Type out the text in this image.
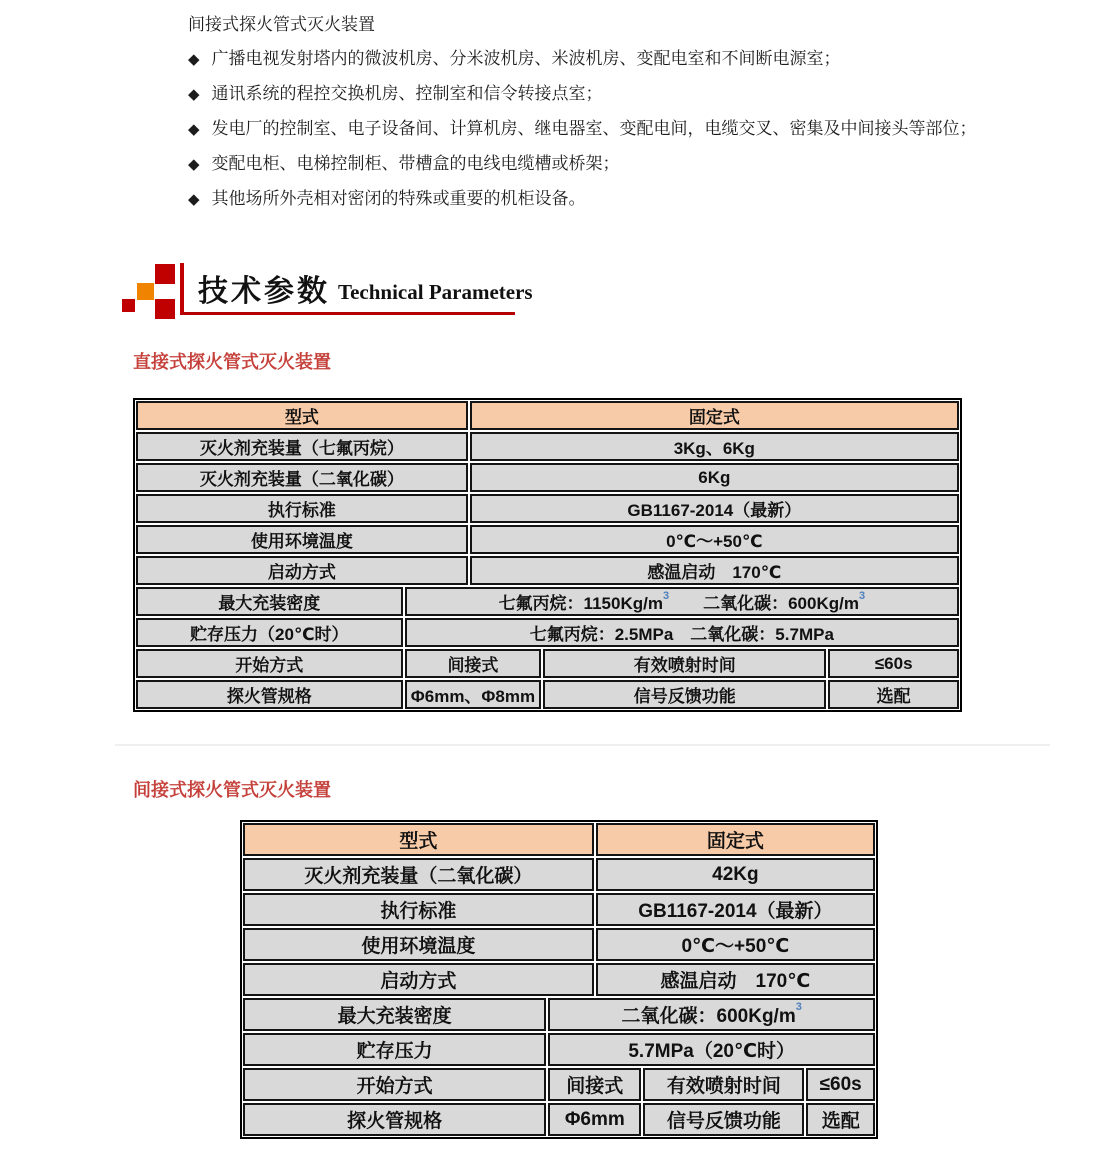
间接式探火管式灭火装置

◆ 广播电视发射塔内的微波机房、分米波机房、米波机房、变配电室和不间断电源室；

◆ 通讯系统的程控交换机房、控制室和信令转接点室；

◆ 发电厂的控制室、电子设备间、计算机房、继电器室、变配电间，电缆交叉、密集及中间接头等部位；

◆ 变配电柜、电梯控制柜、带槽盒的电线电缆槽或桥架；

◆ 其他场所外壳相对密闭的特殊或重要的机柜设备。

技术参数 Technical Parameters
直接式探火管式灭火装置
型式	固定式
灭火剂充装量（七氟丙烷）	3Kg、6Kg
灭火剂充装量（二氧化碳）	6Kg
执行标准	GB1167-2014（最新）
使用环境温度	0℃～+50℃
启动方式	感温启动　170℃
最大充装密度	七氟丙烷：1150Kg/m 3 二氧化碳：600Kg/m 3
贮存压力（20℃时）	七氟丙烷：2.5MPa　二氧化碳：5.7MPa
开始方式	间接式	有效喷射时间	≤60s
探火管规格	Φ6mm、Φ8mm	信号反馈功能	选配
间接式探火管式灭火装置
型式	固定式
灭火剂充装量（二氧化碳）	42Kg
执行标准	GB1167-2014（最新）
使用环境温度	0℃～+50℃
启动方式	感温启动　170℃
最大充装密度	二氧化碳：600Kg/m 3
贮存压力	5.7MPa（20℃时）
开始方式	间接式	有效喷射时间	≤60s
探火管规格	Φ6mm	信号反馈功能	选配
